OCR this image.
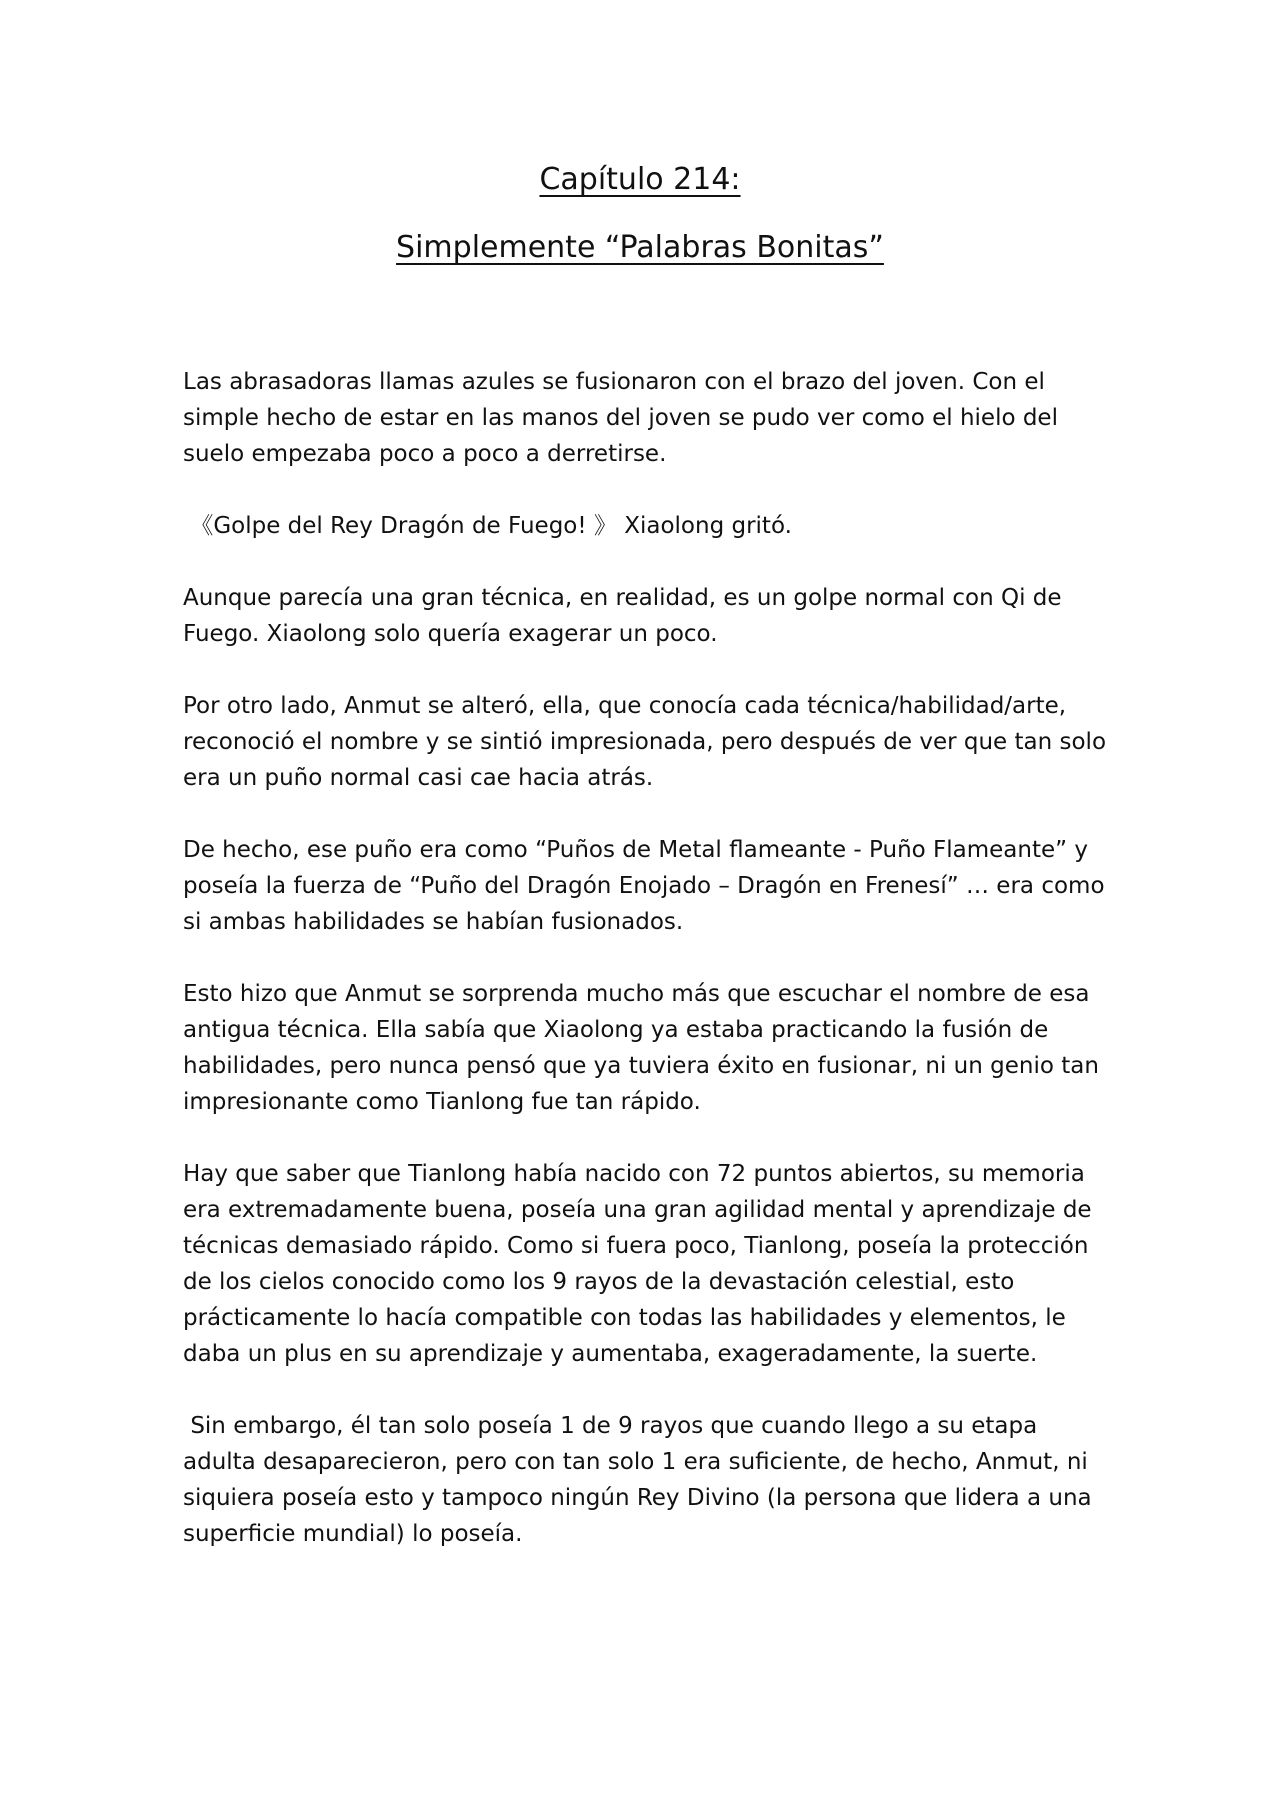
Capítulo 214:
Simplemente “Palabras Bonitas”

Las abrasadoras llamas azules se fusionaron con el brazo del joven. Con el simple hecho de estar en las manos del joven se pudo ver como el hielo del suelo empezaba poco a poco a derretirse.

《Golpe del Rey Dragón de Fuego! 》 Xiaolong gritó.

Aunque parecía una gran técnica, en realidad, es un golpe normal con Qi de Fuego. Xiaolong solo quería exagerar un poco.

Por otro lado, Anmut se alteró, ella, que conocía cada técnica/habilidad/arte, reconoció el nombre y se sintió impresionada, pero después de ver que tan solo era un puño normal casi cae hacia atrás.

De hecho, ese puño era como “Puños de Metal flameante - Puño Flameante” y poseía la fuerza de “Puño del Dragón Enojado – Dragón en Frenesí” … era como si ambas habilidades se habían fusionados.

Esto hizo que Anmut se sorprenda mucho más que escuchar el nombre de esa antigua técnica. Ella sabía que Xiaolong ya estaba practicando la fusión de habilidades, pero nunca pensó que ya tuviera éxito en fusionar, ni un genio tan impresionante como Tianlong fue tan rápido.

Hay que saber que Tianlong había nacido con 72 puntos abiertos, su memoria era extremadamente buena, poseía una gran agilidad mental y aprendizaje de técnicas demasiado rápido. Como si fuera poco, Tianlong, poseía la protección de los cielos conocido como los 9 rayos de la devastación celestial, esto prácticamente lo hacía compatible con todas las habilidades y elementos, le daba un plus en su aprendizaje y aumentaba, exageradamente, la suerte.

Sin embargo, él tan solo poseía 1 de 9 rayos que cuando llego a su etapa adulta desaparecieron, pero con tan solo 1 era suficiente, de hecho, Anmut, ni siquiera poseía esto y tampoco ningún Rey Divino (la persona que lidera a una superficie mundial) lo poseía.
